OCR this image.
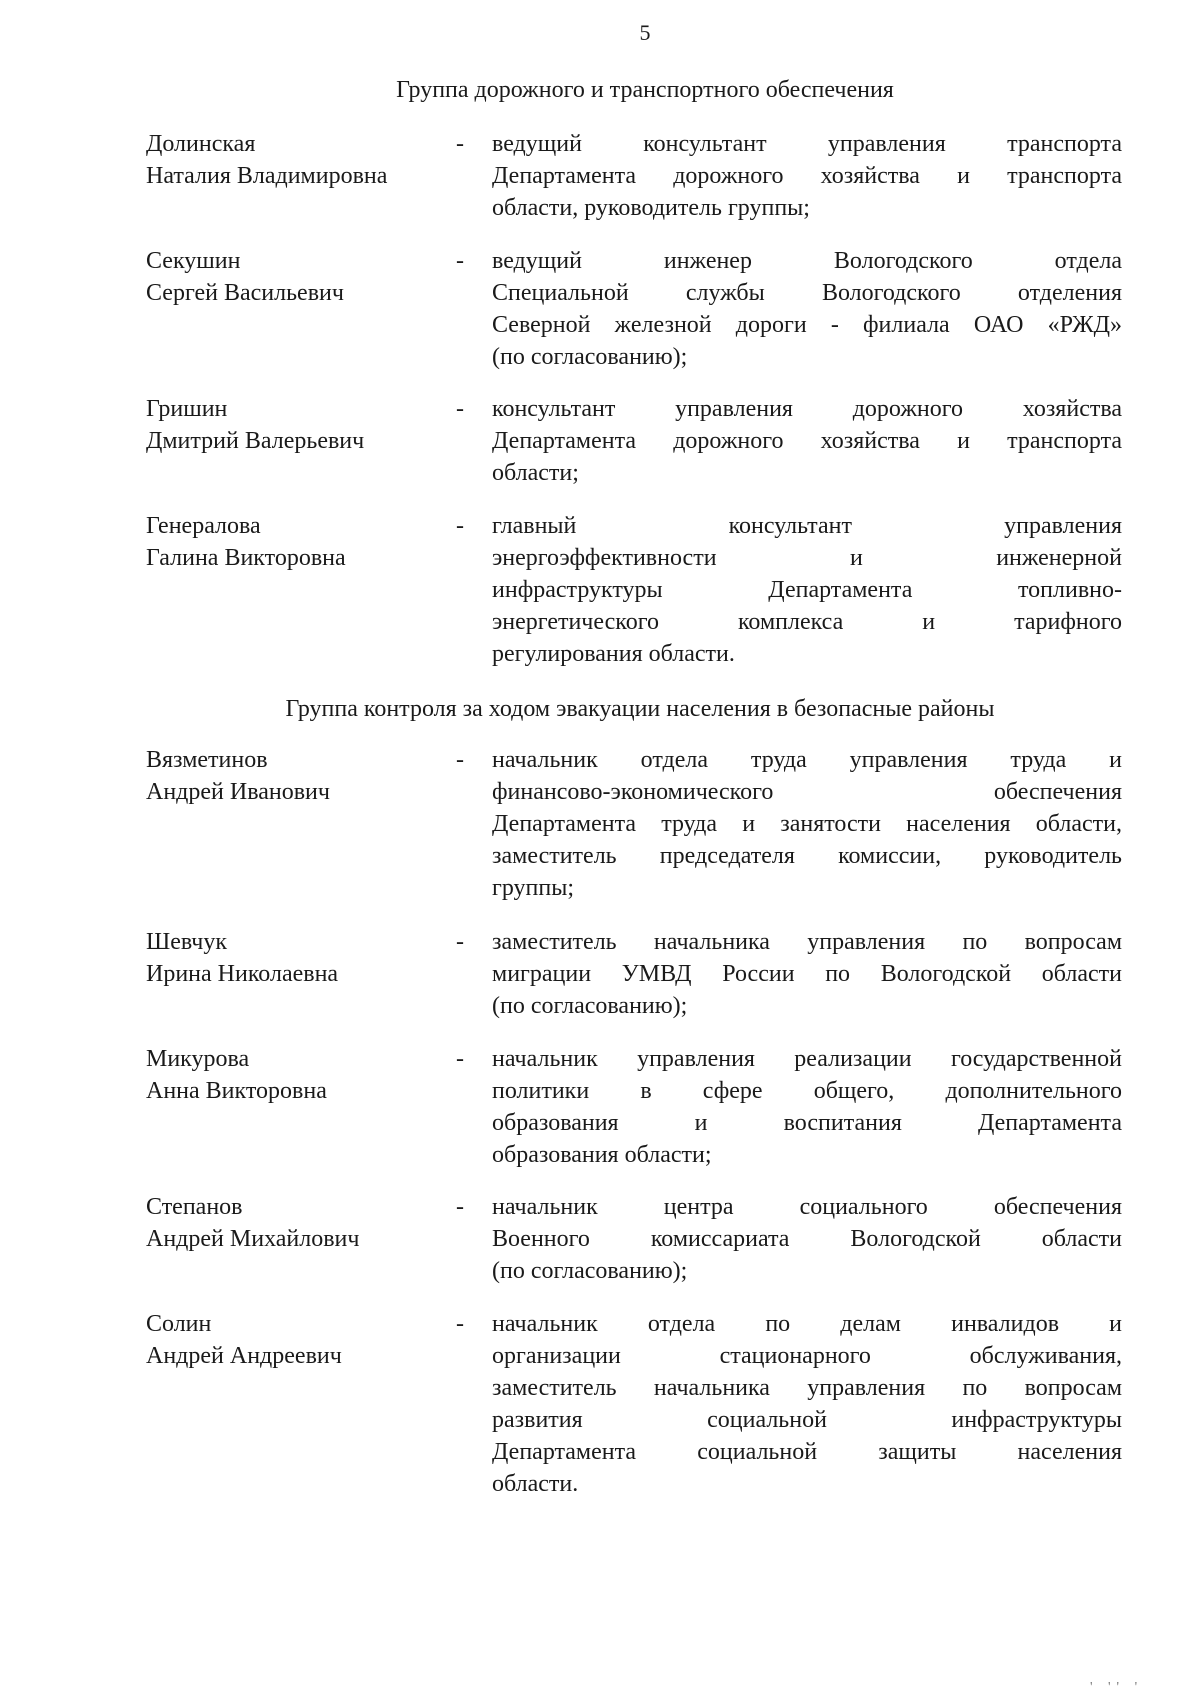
5
Группа дорожного и транспортного обеспечения
Группа контроля за ходом эвакуации населения в безопасные районы
Долинская
Наталия Владимировна
- ведущий консультант управления транспорта
Департамента дорожного хозяйства и транспорта
области, руководитель группы;
Секушин
Сергей Васильевич
- ведущий инженер Вологодского отдела
Специальной службы Вологодского отделения
Северной железной дороги - филиала ОАО «РЖД»
(по согласованию);
Гришин
Дмитрий Валерьевич
- консультант управления дорожного хозяйства
Департамента дорожного хозяйства и транспорта
области;
Генералова
Галина Викторовна
- главный консультант управления
энергоэффективности и инженерной
инфраструктуры Департамента топливно-
энергетического комплекса и тарифного
регулирования области.
Вязметинов
Андрей Иванович
- начальник отдела труда управления труда и
финансово-экономического обеспечения
Департамента труда и занятости населения области,
заместитель председателя комиссии, руководитель
группы;
Шевчук
Ирина Николаевна
- заместитель начальника управления по вопросам
миграции УМВД России по Вологодской области
(по согласованию);
Микурова
Анна Викторовна
- начальник управления реализации государственной
политики в сфере общего, дополнительного
образования и воспитания Департамента
образования области;
Степанов
Андрей Михайлович
- начальник центра социального обеспечения
Военного комиссариата Вологодской области
(по согласованию);
Солин
Андрей Андреевич
- начальник отдела по делам инвалидов и
организации стационарного обслуживания,
заместитель начальника управления по вопросам
развития социальной инфраструктуры
Департамента социальной защиты населения
области.
' '' '
